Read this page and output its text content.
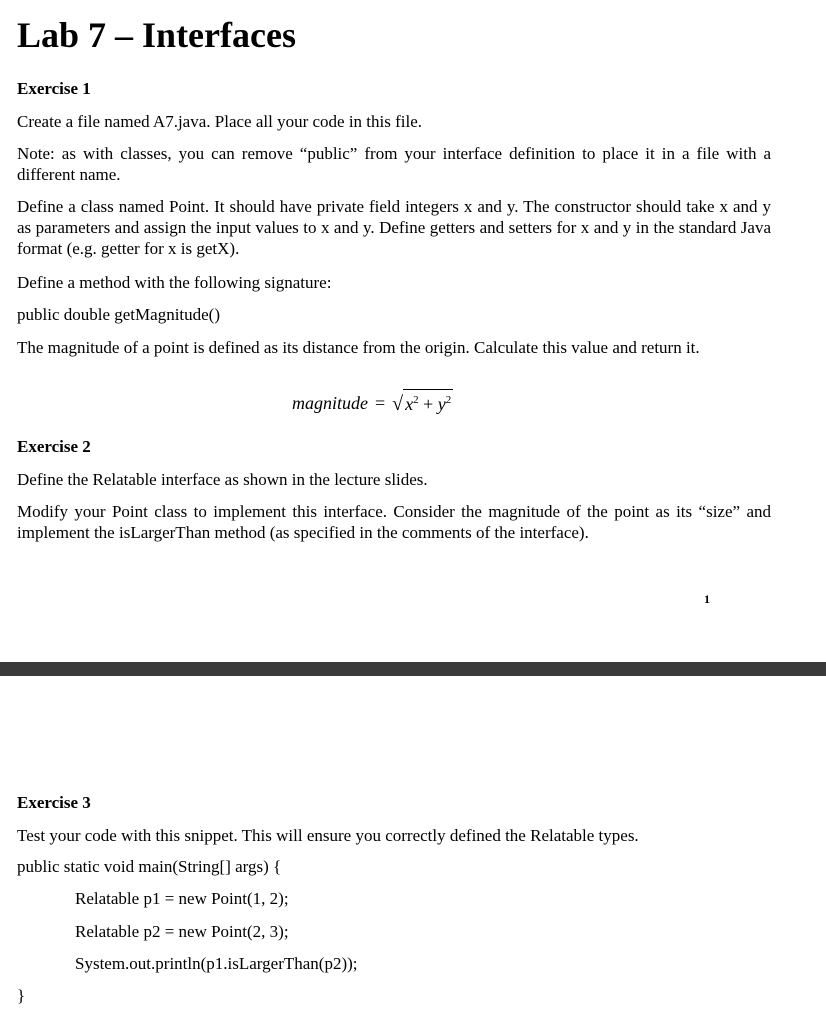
Lab 7 – Interfaces
Exercise 1
Create a file named A7.java. Place all your code in this file.
Note: as with classes, you can remove “public” from your interface definition to place it in a file with a different name.
Define a class named Point. It should have private field integers x and y. The constructor should take x and y as parameters and assign the input values to x and y. Define getters and setters for x and y in the standard Java format (e.g. getter for x is getX).
Define a method with the following signature:
public double getMagnitude()
The magnitude of a point is defined as its distance from the origin. Calculate this value and return it.
magnitude = √ $x^2 + y^2$
Exercise 2
Define the Relatable interface as shown in the lecture slides.
Modify your Point class to implement this interface. Consider the magnitude of the point as its “size” and implement the isLargerThan method (as specified in the comments of the interface).
1
Exercise 3
Test your code with this snippet. This will ensure you correctly defined the Relatable types.
public static void main(String[] args) {
Relatable p1 = new Point(1, 2);
Relatable p2 = new Point(2, 3);
System.out.println(p1.isLargerThan(p2));
}
